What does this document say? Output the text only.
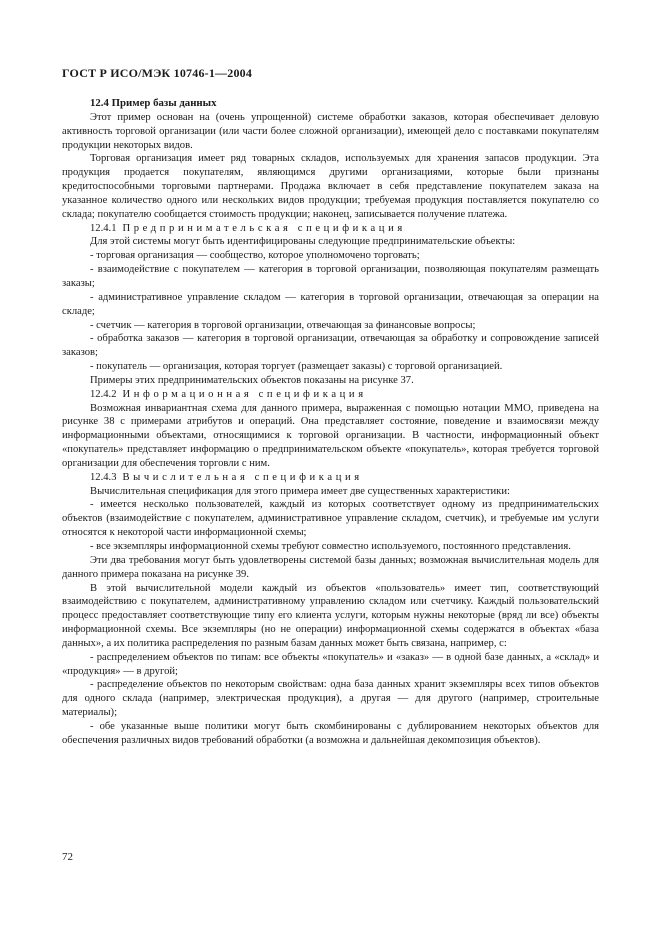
ГОСТ Р ИСО/МЭК 10746-1—2004

12.4 Пример базы данных

Этот пример основан на (очень упрощенной) системе обработки заказов, которая обеспечивает деловую активность торговой организации (или части более сложной организации), имеющей дело с поставками покупателям продукции некоторых видов.

Торговая организация имеет ряд товарных складов, используемых для хранения запасов продукции. Эта продукция продается покупателям, являющимся другими организациями, которые были признаны кредитоспособными торговыми партнерами. Продажа включает в себя представление покупателем заказа на указанное количество одного или нескольких видов продукции; требуемая продукция поставляется покупателю со склада; покупателю сообщается стоимость продукции; наконец, записывается получение платежа.

12.4.1 Предпринимательская спецификация

Для этой системы могут быть идентифицированы следующие предпринимательские объекты:

- торговая организация — сообщество, которое уполномочено торговать;

- взаимодействие с покупателем — категория в торговой организации, позволяющая покупателям размещать заказы;

- административное управление складом — категория в торговой организации, отвечающая за операции на складе;

- счетчик — категория в торговой организации, отвечающая за финансовые вопросы;

- обработка заказов — категория в торговой организации, отвечающая за обработку и сопровождение записей заказов;

- покупатель — организация, которая торгует (размещает заказы) с торговой организацией.

Примеры этих предпринимательских объектов показаны на рисунке 37.

12.4.2 Информационная спецификация

Возможная инвариантная схема для данного примера, выраженная с помощью нотации ММО, приведена на рисунке 38 с примерами атрибутов и операций. Она представляет состояние, поведение и взаимосвязи между информационными объектами, относящимися к торговой организации. В частности, информационный объект «покупатель» представляет информацию о предпринимательском объекте «покупатель», которая требуется торговой организации для обеспечения торговли с ним.

12.4.3 Вычислительная спецификация

Вычислительная спецификация для этого примера имеет две существенных характеристики:

- имеется несколько пользователей, каждый из которых соответствует одному из предпринимательских объектов (взаимодействие с покупателем, административное управление складом, счетчик), и требуемые им услуги относятся к некоторой части информационной схемы;

- все экземпляры информационной схемы требуют совместно используемого, постоянного представления.

Эти два требования могут быть удовлетворены системой базы данных; возможная вычислительная модель для данного примера показана на рисунке 39.

В этой вычислительной модели каждый из объектов «пользователь» имеет тип, соответствующий взаимодействию с покупателем, административному управлению складом или счетчику. Каждый пользовательский процесс предоставляет соответствующие типу его клиента услуги, которым нужны некоторые (вряд ли все) объекты информационной схемы. Все экземпляры (но не операции) информационной схемы содержатся в объектах «база данных», а их политика распределения по разным базам данных может быть связана, например, с:

- распределением объектов по типам: все объекты «покупатель» и «заказ» — в одной базе данных, а «склад» и «продукция» — в другой;

- распределение объектов по некоторым свойствам: одна база данных хранит экземпляры всех типов объектов для одного склада (например, электрическая продукция), а другая — для другого (например, строительные материалы);

- обе указанные выше политики могут быть скомбинированы с дублированием некоторых объектов для обеспечения различных видов требований обработки (а возможна и дальнейшая декомпозиция объектов).

72
